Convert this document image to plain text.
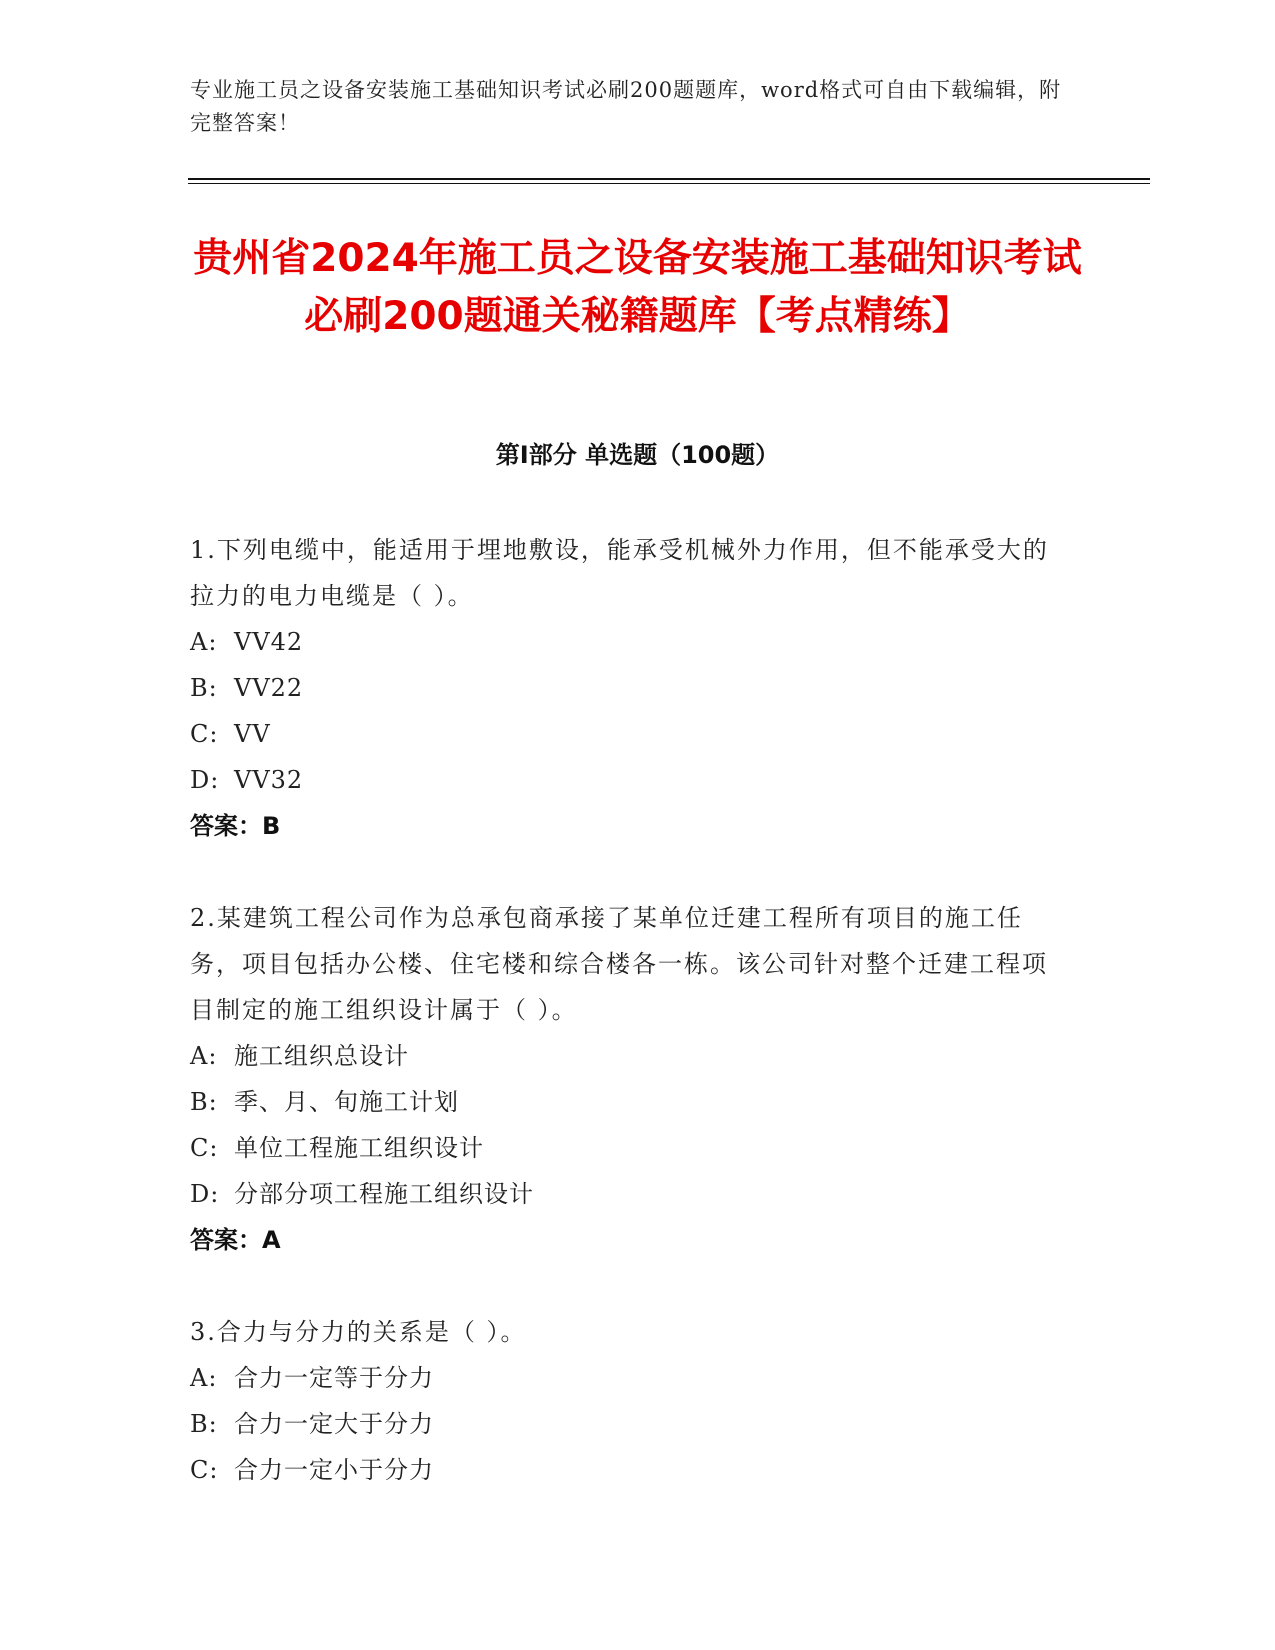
专业施工员之设备安装施工基础知识考试必刷200题题库，word格式可自由下载编辑，附完整答案！
贵州省2024年施工员之设备安装施工基础知识考试必刷200题通关秘籍题库【考点精练】
第Ⅰ部分 单选题（100题）
1.下列电缆中，能适用于埋地敷设，能承受机械外力作用，但不能承受大的拉力的电力电缆是（ ）。
A: VV42
B: VV22
C: VV
D: VV32
答案：B
2.某建筑工程公司作为总承包商承接了某单位迁建工程所有项目的施工任务，项目包括办公楼、住宅楼和综合楼各一栋。该公司针对整个迁建工程项目制定的施工组织设计属于（ ）。
A: 施工组织总设计
B: 季、月、旬施工计划
C: 单位工程施工组织设计
D: 分部分项工程施工组织设计
答案：A
3.合力与分力的关系是（ ）。
A: 合力一定等于分力
B: 合力一定大于分力
C: 合力一定小于分力
